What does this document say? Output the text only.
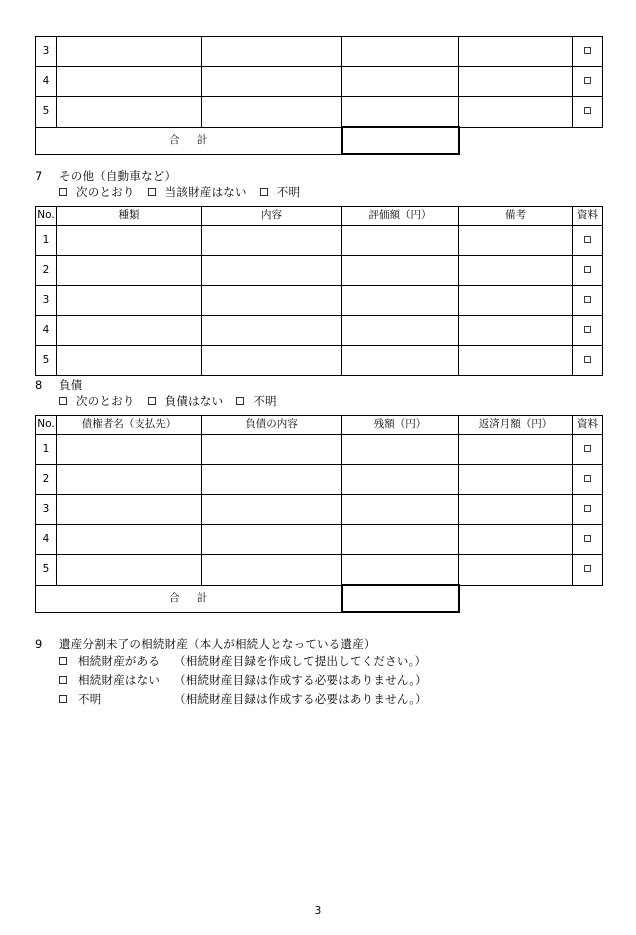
3					
4					
5					
合　計					
7 その他（自動車など）
次のとおり	当該財産はない	不明
No.	種類	内容	評価額（円）	備考	資料
1					
2					
3					
4					
5					
8 負債
次のとおり	負債はない	不明
No.	債権者名（支払先）	負債の内容	残額（円）	返済月額（円）	資料
1					
2					
3					
4					
5					
合　計					
9 遺産分割未了の相続財産（本人が相続人となっている遺産）
相続財産がある （相続財産目録を作成して提出してください。）
相続財産はない （相続財産目録は作成する必要はありません。）
不明	（相続財産目録は作成する必要はありません。）
3
